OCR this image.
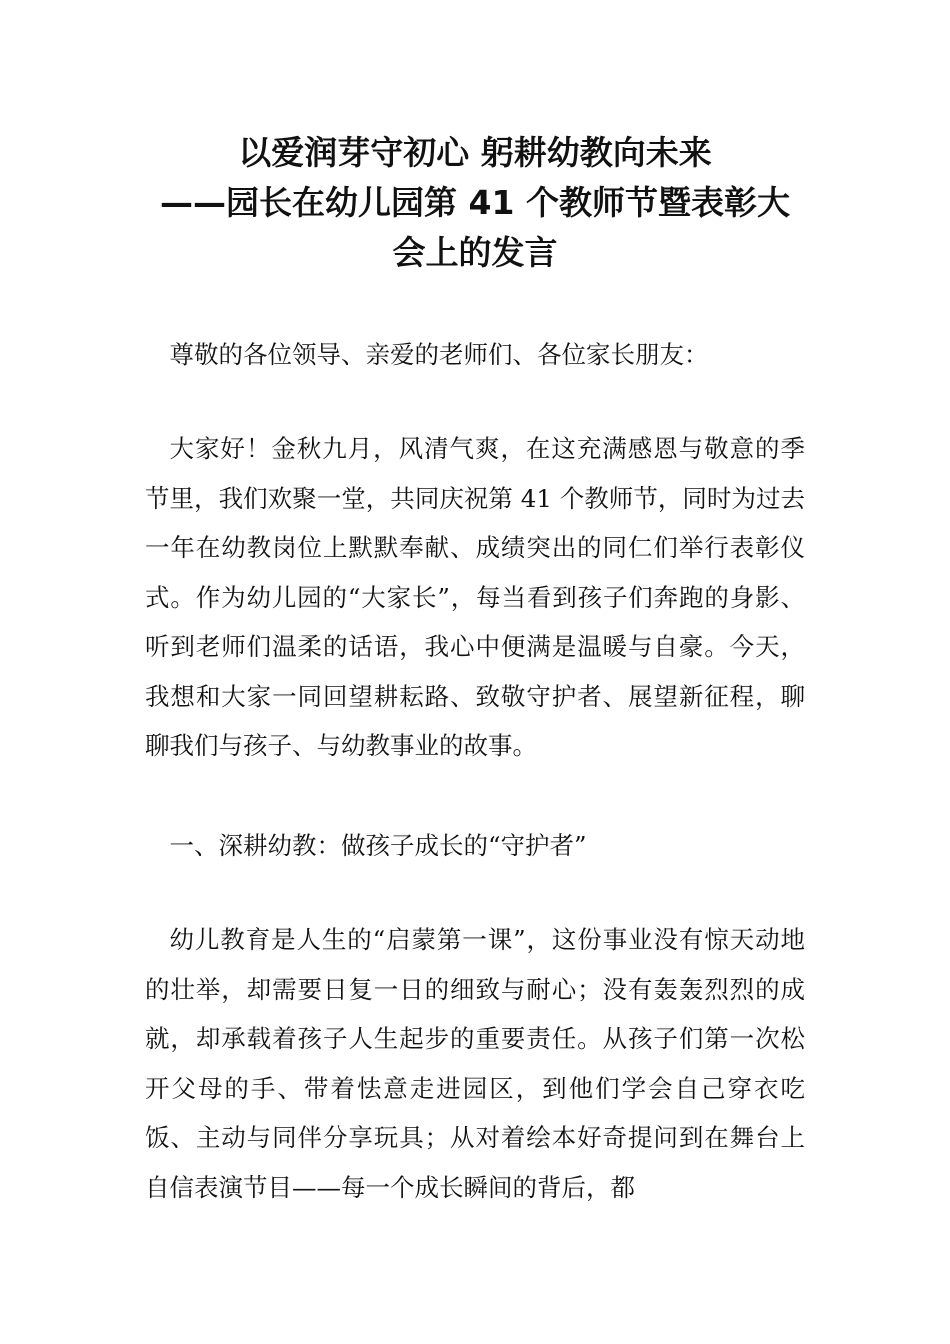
以爱润芽守初心 躬耕幼教向未来
——园长在幼儿园第 41 个教师节暨表彰大
会上的发言

尊敬的各位领导、亲爱的老师们、各位家长朋友：

大家好！金秋九月，风清气爽，在这充满感恩与敬意的季节里，我们欢聚一堂，共同庆祝第 41 个教师节，同时为过去一年在幼教岗位上默默奉献、成绩突出的同仁们举行表彰仪式。作为幼儿园的“大家长”，每当看到孩子们奔跑的身影、听到老师们温柔的话语，我心中便满是温暖与自豪。今天，我想和大家一同回望耕耘路、致敬守护者、展望新征程，聊聊我们与孩子、与幼教事业的故事。

一、深耕幼教：做孩子成长的“守护者”

幼儿教育是人生的“启蒙第一课”，这份事业没有惊天动地的壮举，却需要日复一日的细致与耐心；没有轰轰烈烈的成就，却承载着孩子人生起步的重要责任。从孩子们第一次松开父母的手、带着怯意走进园区，到他们学会自己穿衣吃饭、主动与同伴分享玩具；从对着绘本好奇提问到在舞台上自信表演节目——每一个成长瞬间的背后，都
